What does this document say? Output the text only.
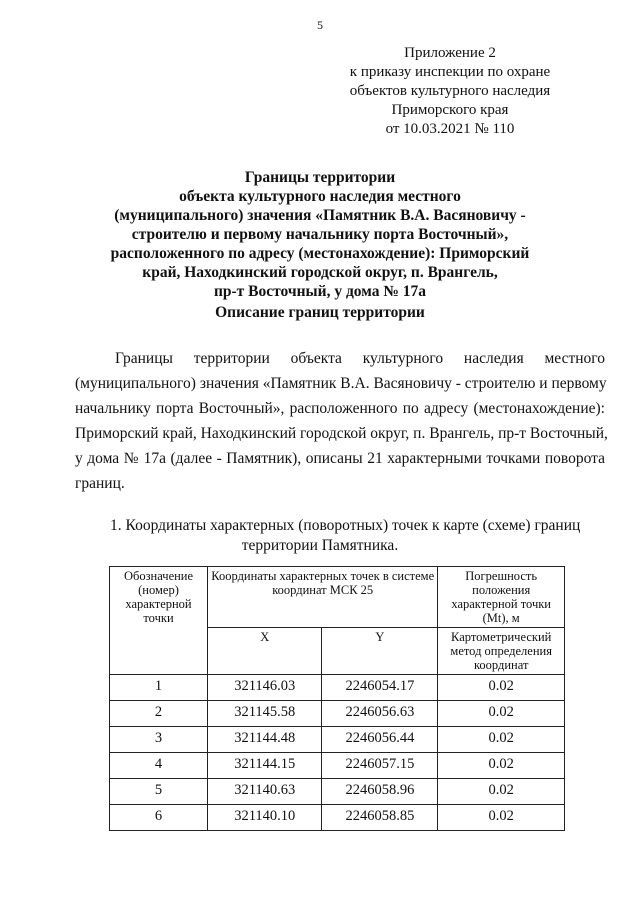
5
Приложение 2
к приказу инспекции по охране
объектов культурного наследия
Приморского края
от 10.03.2021 № 110
Границы территории
объекта культурного наследия местного
(муниципального) значения «Памятник В.А. Васяновичу -
строителю и первому начальнику порта Восточный»,
расположенного по адресу (местонахождение): Приморский
край, Находкинский городской округ, п. Врангель,
пр-т Восточный, у дома № 17а
Описание границ территории
Границы территории объекта культурного наследия местного
(муниципального) значения «Памятник В.А. Васяновичу - строителю и первому
начальнику порта Восточный», расположенного по адресу (местонахождение):
Приморский край, Находкинский городской округ, п. Врангель, пр-т Восточный,
у дома № 17а (далее - Памятник), описаны 21 характерными точками поворота
границ.
1. Координаты характерных (поворотных) точек к карте (схеме) границ
территории Памятника.
Обозначение (номер) характерной точки	Координаты характерных точек в системе координат МСК 25		Погрешность положения характерной точки (Mt), м
	X	Y	Картометрический метод определения координат
1	321146.03	2246054.17	0.02
2	321145.58	2246056.63	0.02
3	321144.48	2246056.44	0.02
4	321144.15	2246057.15	0.02
5	321140.63	2246058.96	0.02
6	321140.10	2246058.85	0.02
